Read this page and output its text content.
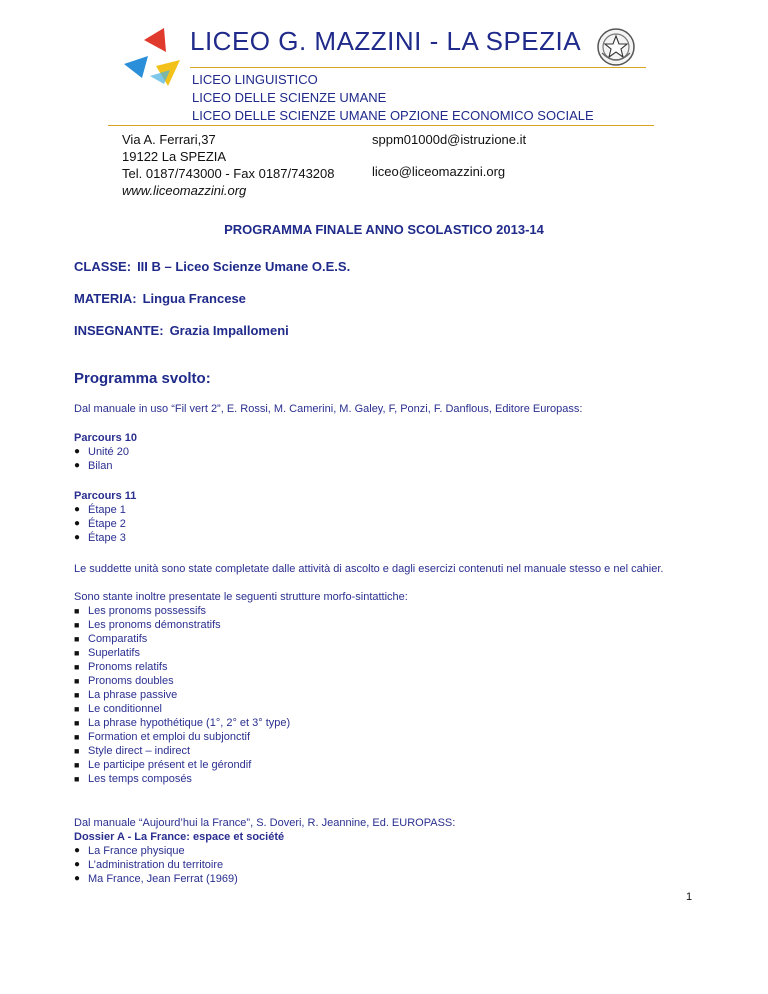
LICEO G. MAZZINI - LA SPEZIA
LICEO LINGUISTICO
LICEO DELLE SCIENZE UMANE
LICEO DELLE SCIENZE UMANE OPZIONE ECONOMICO SOCIALE
Via A. Ferrari,37
19122 La SPEZIA
Tel. 0187/743000 - Fax 0187/743208
www.liceomazzini.org
sppm01000d@istruzione.it
liceo@liceomazzini.org
PROGRAMMA FINALE ANNO SCOLASTICO 2013-14
CLASSE: III B – Liceo Scienze Umane O.E.S.
MATERIA: Lingua Francese
INSEGNANTE: Grazia Impallomeni
Programma svolto:
Dal manuale in uso “Fil vert 2”, E. Rossi, M. Camerini, M. Galey, F, Ponzi, F. Danflous, Editore Europass:
Parcours 10
● Unité 20
● Bilan
Parcours 11
● Étape 1
● Étape 2
● Étape 3
Le suddette unità sono state completate dalle attività di ascolto e dagli esercizi contenuti nel manuale stesso e nel cahier.
Sono stante inoltre presentate le seguenti strutture morfo-sintattiche:
■ Les pronoms possessifs
■ Les pronoms démonstratifs
■ Comparatifs
■ Superlatifs
■ Pronoms relatifs
■ Pronoms doubles
■ La phrase passive
■ Le conditionnel
■ La phrase hypothétique (1°, 2° et 3° type)
■ Formation et emploi du subjonctif
■ Style direct – indirect
■ Le participe présent et le gérondif
■ Les temps composés
Dal manuale “Aujourd’hui la France”, S. Doveri, R. Jeannine, Ed. EUROPASS:
Dossier A - La France: espace et société
● La France physique
● L’administration du territoire
● Ma France, Jean Ferrat (1969)
1
